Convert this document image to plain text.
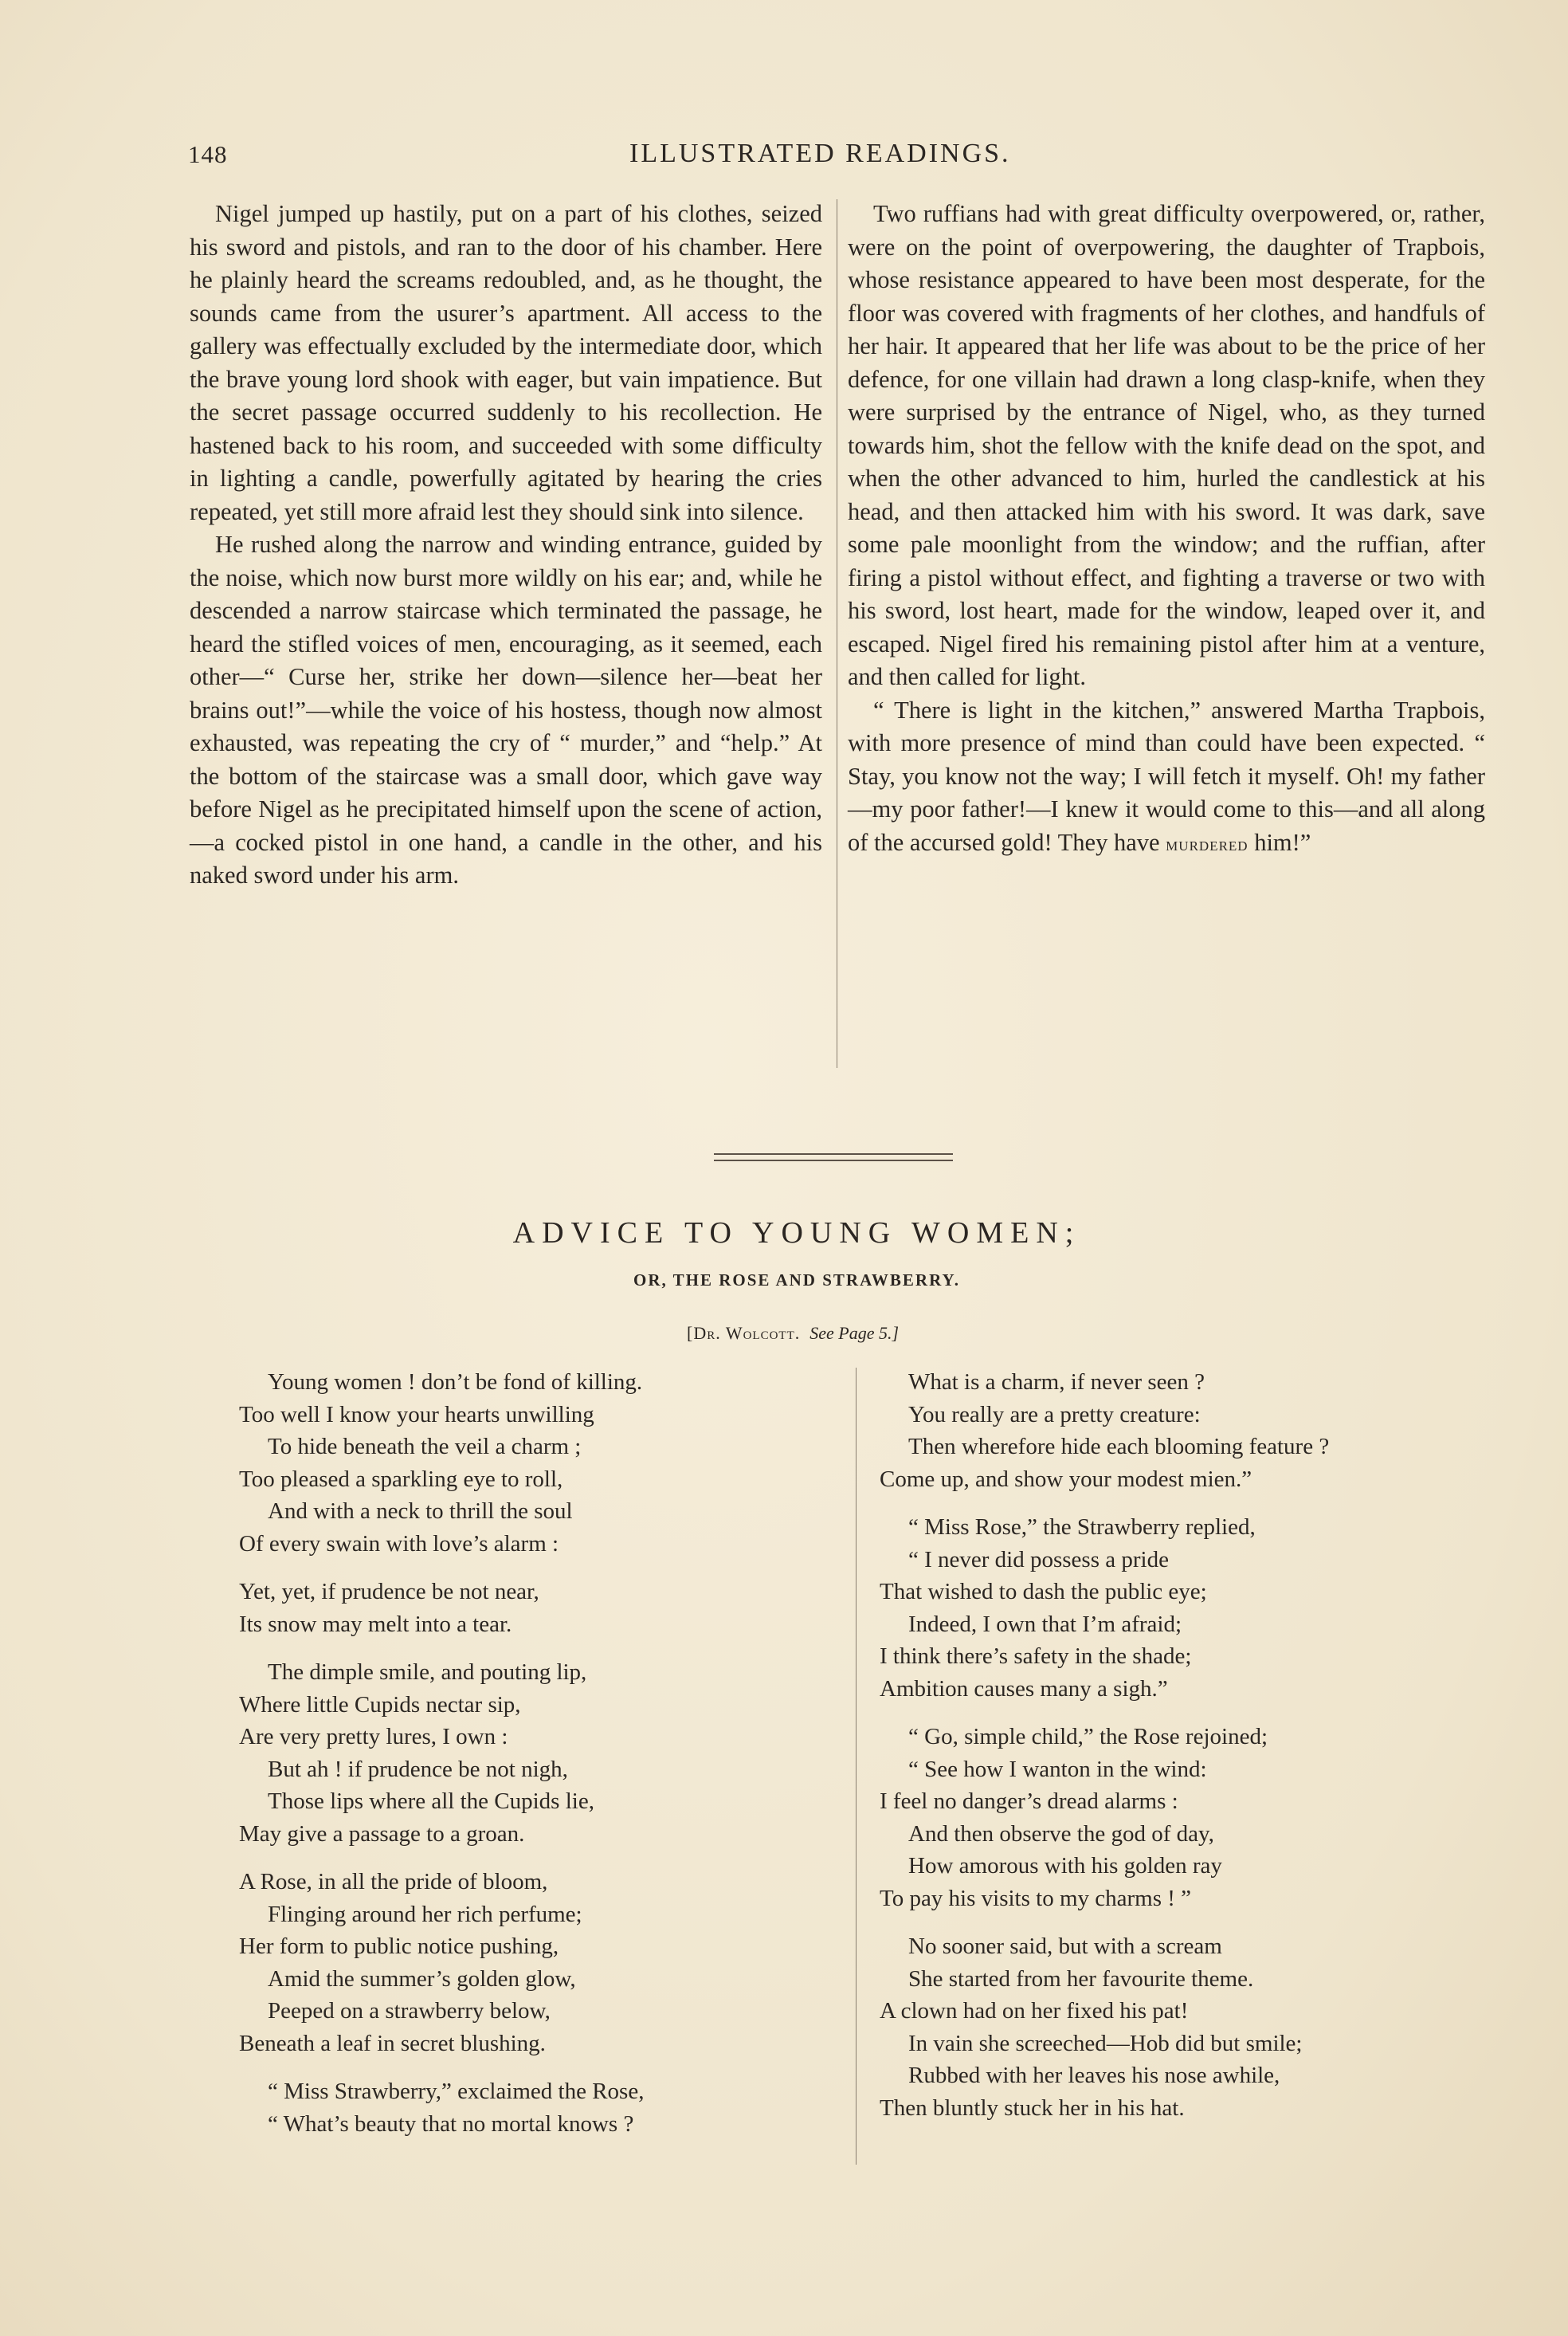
148	ILLUSTRATED READINGS.

Nigel jumped up hastily, put on a part of his clothes, seized his sword and pistols, and ran to the door of his chamber. Here he plainly heard the screams redoubled, and, as he thought, the sounds came from the usurer’s apartment. All access to the gallery was effectually excluded by the intermediate door, which the brave young lord shook with eager, but vain impatience. But the secret passage occurred suddenly to his recollection. He hastened back to his room, and succeeded with some difficulty in lighting a candle, powerfully agitated by hearing the cries repeated, yet still more afraid lest they should sink into silence.

He rushed along the narrow and winding entrance, guided by the noise, which now burst more wildly on his ear; and, while he descended a narrow staircase which terminated the passage, he heard the stifled voices of men, encouraging, as it seemed, each other—“ Curse her, strike her down—silence her—beat her brains out!”—while the voice of his hostess, though now almost exhausted, was repeating the cry of “ murder,” and “help.” At the bottom of the staircase was a small door, which gave way before Nigel as he precipitated himself upon the scene of action,—a cocked pistol in one hand, a candle in the other, and his naked sword under his arm.

Two ruffians had with great difficulty overpowered, or, rather, were on the point of overpowering, the daughter of Trapbois, whose resistance appeared to have been most desperate, for the floor was covered with fragments of her clothes, and handfuls of her hair. It appeared that her life was about to be the price of her defence, for one villain had drawn a long clasp-knife, when they were surprised by the entrance of Nigel, who, as they turned towards him, shot the fellow with the knife dead on the spot, and when the other advanced to him, hurled the candlestick at his head, and then attacked him with his sword. It was dark, save some pale moonlight from the window; and the ruffian, after firing a pistol without effect, and fighting a traverse or two with his sword, lost heart, made for the window, leaped over it, and escaped. Nigel fired his remaining pistol after him at a venture, and then called for light.

“ There is light in the kitchen,” answered Martha Trapbois, with more presence of mind than could have been expected. “ Stay, you know not the way; I will fetch it myself. Oh! my father—my poor father!—I knew it would come to this—and all along of the accursed gold! They have murdered him!”

ADVICE TO YOUNG WOMEN;
OR, THE ROSE AND STRAWBERRY.
[Dr. Wolcott. See Page 5.]
Young women ! don’t be fond of killing.
Too well I know your hearts unwilling
To hide beneath the veil a charm ;
Too pleased a sparkling eye to roll,
And with a neck to thrill the soul
Of every swain with love’s alarm :
Yet, yet, if prudence be not near,
Its snow may melt into a tear.
The dimple smile, and pouting lip,
Where little Cupids nectar sip,
Are very pretty lures, I own :
But ah ! if prudence be not nigh,
Those lips where all the Cupids lie,
May give a passage to a groan.
A Rose, in all the pride of bloom,
Flinging around her rich perfume;
Her form to public notice pushing,
Amid the summer’s golden glow,
Peeped on a strawberry below,
Beneath a leaf in secret blushing.
“ Miss Strawberry,” exclaimed the Rose,
“ What’s beauty that no mortal knows ?
What is a charm, if never seen ?
You really are a pretty creature:
Then wherefore hide each blooming feature ?
Come up, and show your modest mien.”
“ Miss Rose,” the Strawberry replied,
“ I never did possess a pride
That wished to dash the public eye;
Indeed, I own that I’m afraid;
I think there’s safety in the shade;
Ambition causes many a sigh.”
“ Go, simple child,” the Rose rejoined;
“ See how I wanton in the wind:
I feel no danger’s dread alarms :
And then observe the god of day,
How amorous with his golden ray
To pay his visits to my charms ! ”
No sooner said, but with a scream
She started from her favourite theme.
A clown had on her fixed his pat!
In vain she screeched—Hob did but smile;
Rubbed with her leaves his nose awhile,
Then bluntly stuck her in his hat.
